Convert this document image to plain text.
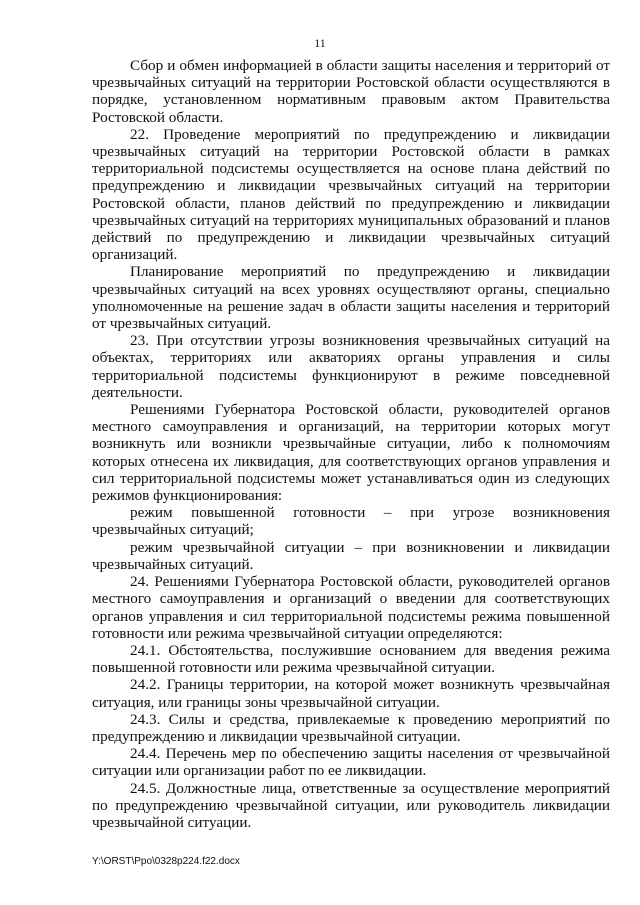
11

Сбор и обмен информацией в области защиты населения и территорий от чрезвычайных ситуаций на территории Ростовской области осуществляются в порядке, установленном нормативным правовым актом Правительства Ростовской области.

22. Проведение мероприятий по предупреждению и ликвидации чрезвычайных ситуаций на территории Ростовской области в рамках территориальной подсистемы осуществляется на основе плана действий по предупреждению и ликвидации чрезвычайных ситуаций на территории Ростовской области, планов действий по предупреждению и ликвидации чрезвычайных ситуаций на территориях муниципальных образований и планов действий по предупреждению и ликвидации чрезвычайных ситуаций организаций.

Планирование мероприятий по предупреждению и ликвидации чрезвычайных ситуаций на всех уровнях осуществляют органы, специально уполномоченные на решение задач в области защиты населения и территорий от чрезвычайных ситуаций.

23. При отсутствии угрозы возникновения чрезвычайных ситуаций на объектах, территориях или акваториях органы управления и силы территориальной подсистемы функционируют в режиме повседневной деятельности.

Решениями Губернатора Ростовской области, руководителей органов местного самоуправления и организаций, на территории которых могут возникнуть или возникли чрезвычайные ситуации, либо к полномочиям которых отнесена их ликвидация, для соответствующих органов управления и сил территориальной подсистемы может устанавливаться один из следующих режимов функционирования:

режим повышенной готовности – при угрозе возникновения чрезвычайных ситуаций;

режим чрезвычайной ситуации – при возникновении и ликвидации чрезвычайных ситуаций.

24. Решениями Губернатора Ростовской области, руководителей органов местного самоуправления и организаций о введении для соответствующих органов управления и сил территориальной подсистемы режима повышенной готовности или режима чрезвычайной ситуации определяются:

24.1. Обстоятельства, послужившие основанием для введения режима повышенной готовности или режима чрезвычайной ситуации.

24.2. Границы территории, на которой может возникнуть чрезвычайная ситуация, или границы зоны чрезвычайной ситуации.

24.3. Силы и средства, привлекаемые к проведению мероприятий по предупреждению и ликвидации чрезвычайной ситуации.

24.4. Перечень мер по обеспечению защиты населения от чрезвычайной ситуации или организации работ по ее ликвидации.

24.5. Должностные лица, ответственные за осуществление мероприятий по предупреждению чрезвычайной ситуации, или руководитель ликвидации чрезвычайной ситуации.

Y:\ORST\Ppo\0328p224.f22.docx
